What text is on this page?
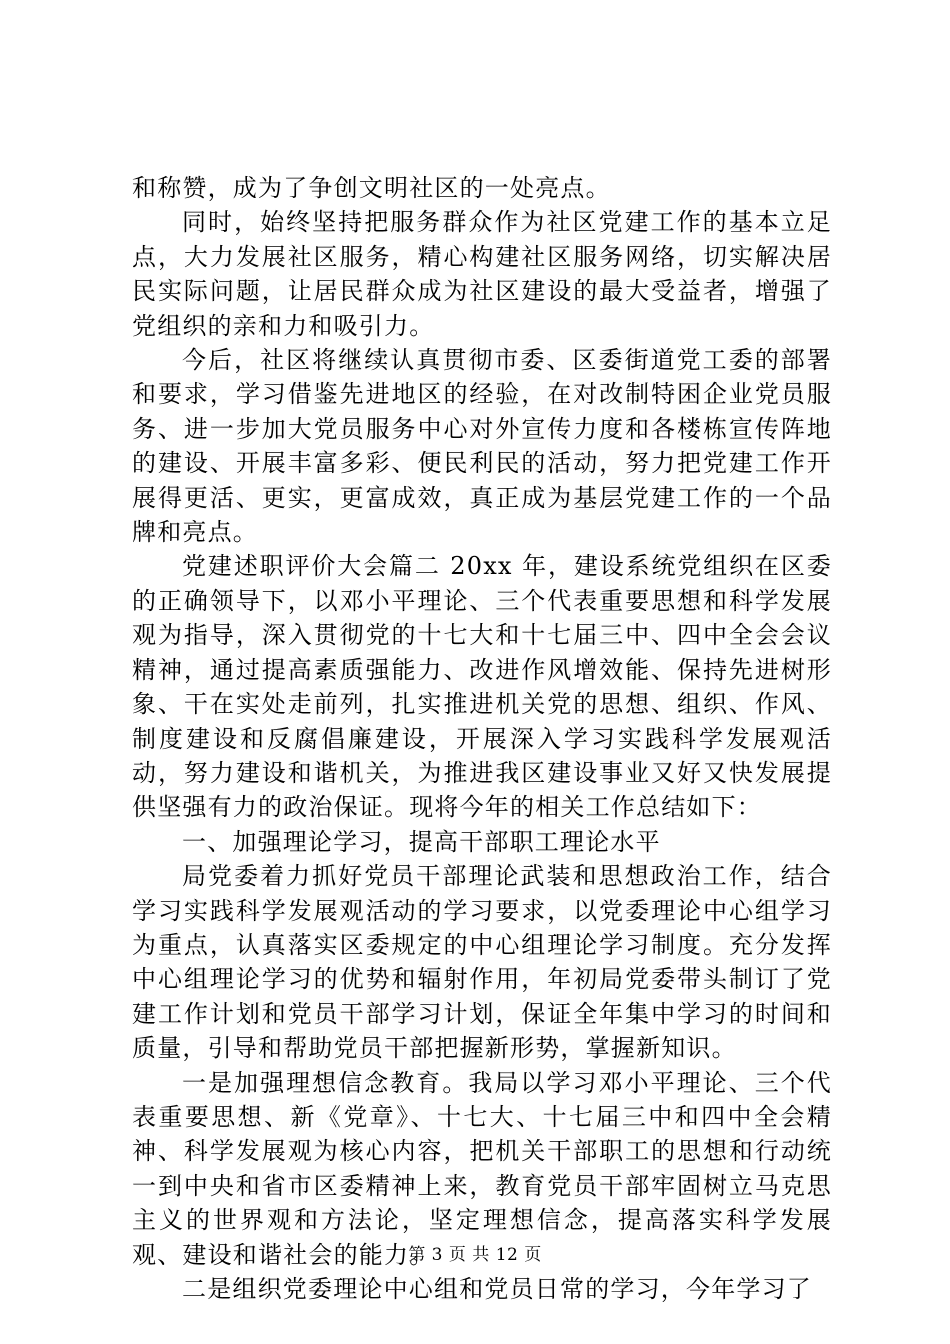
和称赞，成为了争创文明社区的一处亮点。

同时，始终坚持把服务群众作为社区党建工作的基本立足点，大力发展社区服务，精心构建社区服务网络，切实解决居民实际问题，让居民群众成为社区建设的最大受益者，增强了党组织的亲和力和吸引力。

今后，社区将继续认真贯彻市委、区委街道党工委的部署和要求，学习借鉴先进地区的经验，在对改制特困企业党员服务、进一步加大党员服务中心对外宣传力度和各楼栋宣传阵地的建设、开展丰富多彩、便民利民的活动，努力把党建工作开展得更活、更实，更富成效，真正成为基层党建工作的一个品牌和亮点。

党建述职评价大会篇二 20xx 年，建设系统党组织在区委的正确领导下，以邓小平理论、三个代表重要思想和科学发展观为指导，深入贯彻党的十七大和十七届三中、四中全会会议精神，通过提高素质强能力、改进作风增效能、保持先进树形象、干在实处走前列，扎实推进机关党的思想、组织、作风、制度建设和反腐倡廉建设，开展深入学习实践科学发展观活动，努力建设和谐机关，为推进我区建设事业又好又快发展提供坚强有力的政治保证。现将今年的相关工作总结如下：

一、加强理论学习，提高干部职工理论水平

局党委着力抓好党员干部理论武装和思想政治工作，结合学习实践科学发展观活动的学习要求，以党委理论中心组学习为重点，认真落实区委规定的中心组理论学习制度。充分发挥中心组理论学习的优势和辐射作用，年初局党委带头制订了党建工作计划和党员干部学习计划，保证全年集中学习的时间和质量，引导和帮助党员干部把握新形势，掌握新知识。

一是加强理想信念教育。我局以学习邓小平理论、三个代表重要思想、新《党章》、十七大、十七届三中和四中全会精神、科学发展观为核心内容，把机关干部职工的思想和行动统一到中央和省市区委精神上来，教育党员干部牢固树立马克思主义的世界观和方法论，坚定理想信念，提高落实科学发展观、建设和谐社会的能力。

二是组织党委理论中心组和党员日常的学习，今年学习了

第 3 页 共 12 页
